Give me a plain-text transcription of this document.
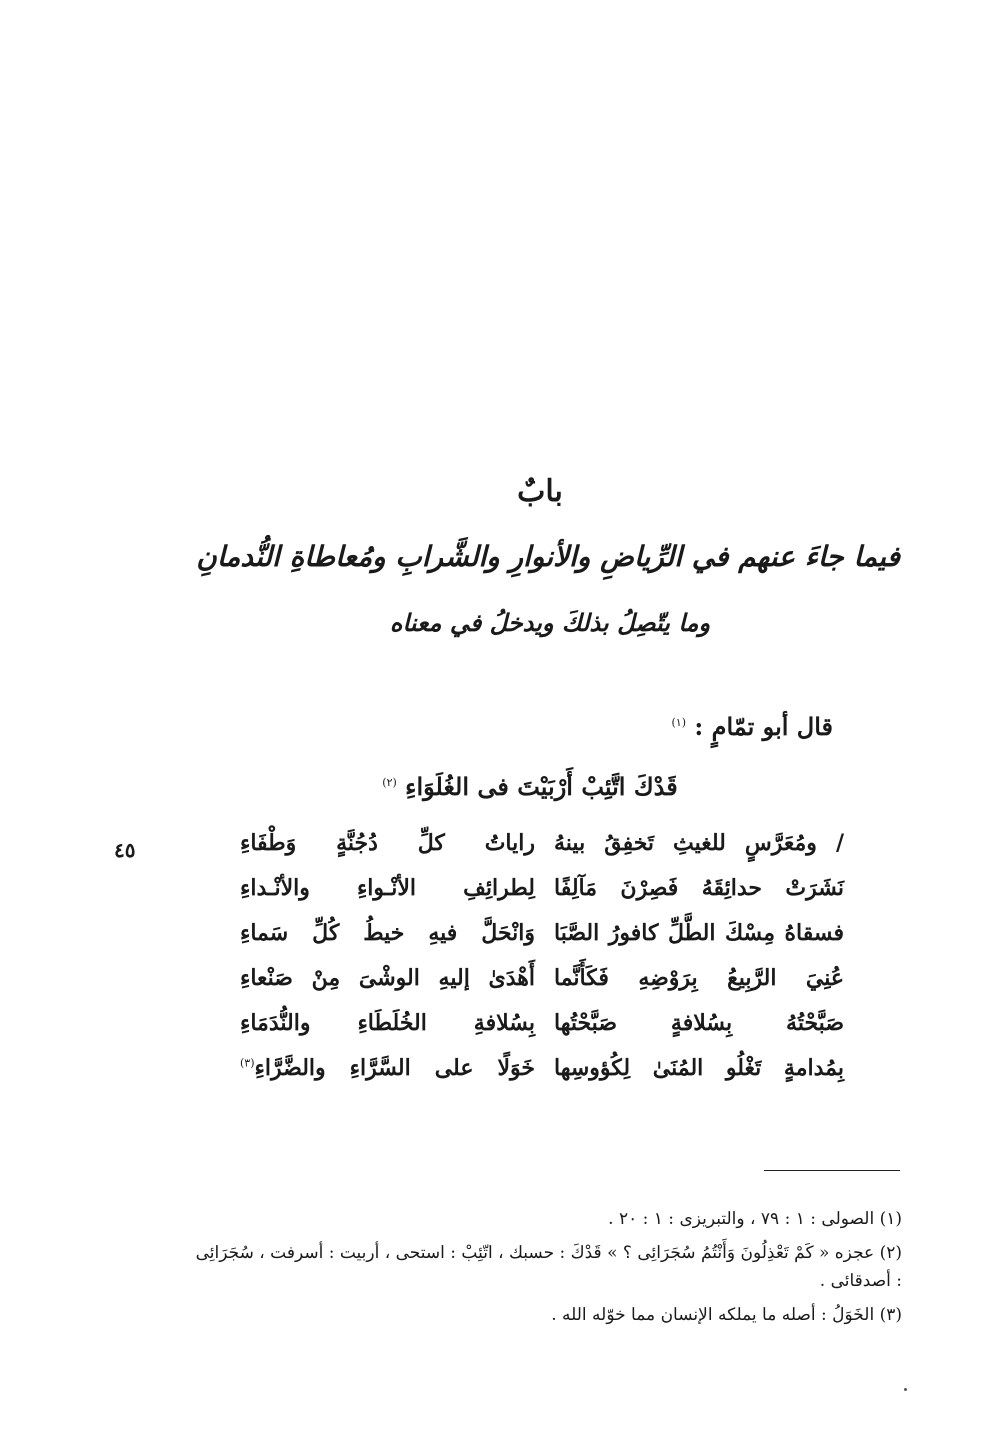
بابٌ
فيما جاءَ عنهم في الرِّياضِ والأنوارِ والشَّرابِ ومُعاطاةِ النُّدمانِ
وما يتّصِلُ بذلكَ ويدخلُ في معناه
قال أبو تمّامٍ : $^{(١)}$
قَدْكَ اتَّئِبْ أَرْبَيْتَ فى الغُلَوَاءِ $^{(٢)}$
/ ومُعَرَّسٍ للغيثِ تَخفِقُ بينهُ
راياتُ كلِّ دُجُنَّةٍ وَطْفَاءِ
نَشَرَتْ حدائِقَهُ فَصِرْنَ مَآلِفًا
لِطرائِفِ الأنْـواءِ والأنْـداءِ
فسقاهُ مِسْكَ الطَّلِّ كافورُ الصَّبَا
وَانْحَلَّ فيهِ خيطُ كُلِّ سَماءِ
عُنِيَ الرَّبِيعُ بِرَوْضِهِ فَكَأَنَّما
أَهْدَىٰ إليهِ الوشْىَ مِنْ صَنْعاءِ
صَبَّحْتُهُ بِسُلافةٍ صَبَّحْتُها
بِسُلافةِ الخُلَطَاءِ والنُّدَمَاءِ
بِمُدامةٍ تَغْلُو المُنَىٰ لِكُؤوسِها
خَوَلًا على السَّرَّاءِ والضَّرَّاءِ$^{(٣)}$
٤٥

(١) الصولى : ١ : ٧٩ ، والتبريزى : ١ : ٢٠ .

(٢) عجزه « كَمْ تَعْذِلُونَ وَأَنْتُمُ سُجَرَائِى ؟ » قَدْكَ : حسبك ، اتّئِبْ : استحى ، أربيت : أسرفت ، سُجَرَائِى : أصدقائى .

(٣) الخَوَلُ : أصله ما يملكه الإنسان مما خوّله الله .
